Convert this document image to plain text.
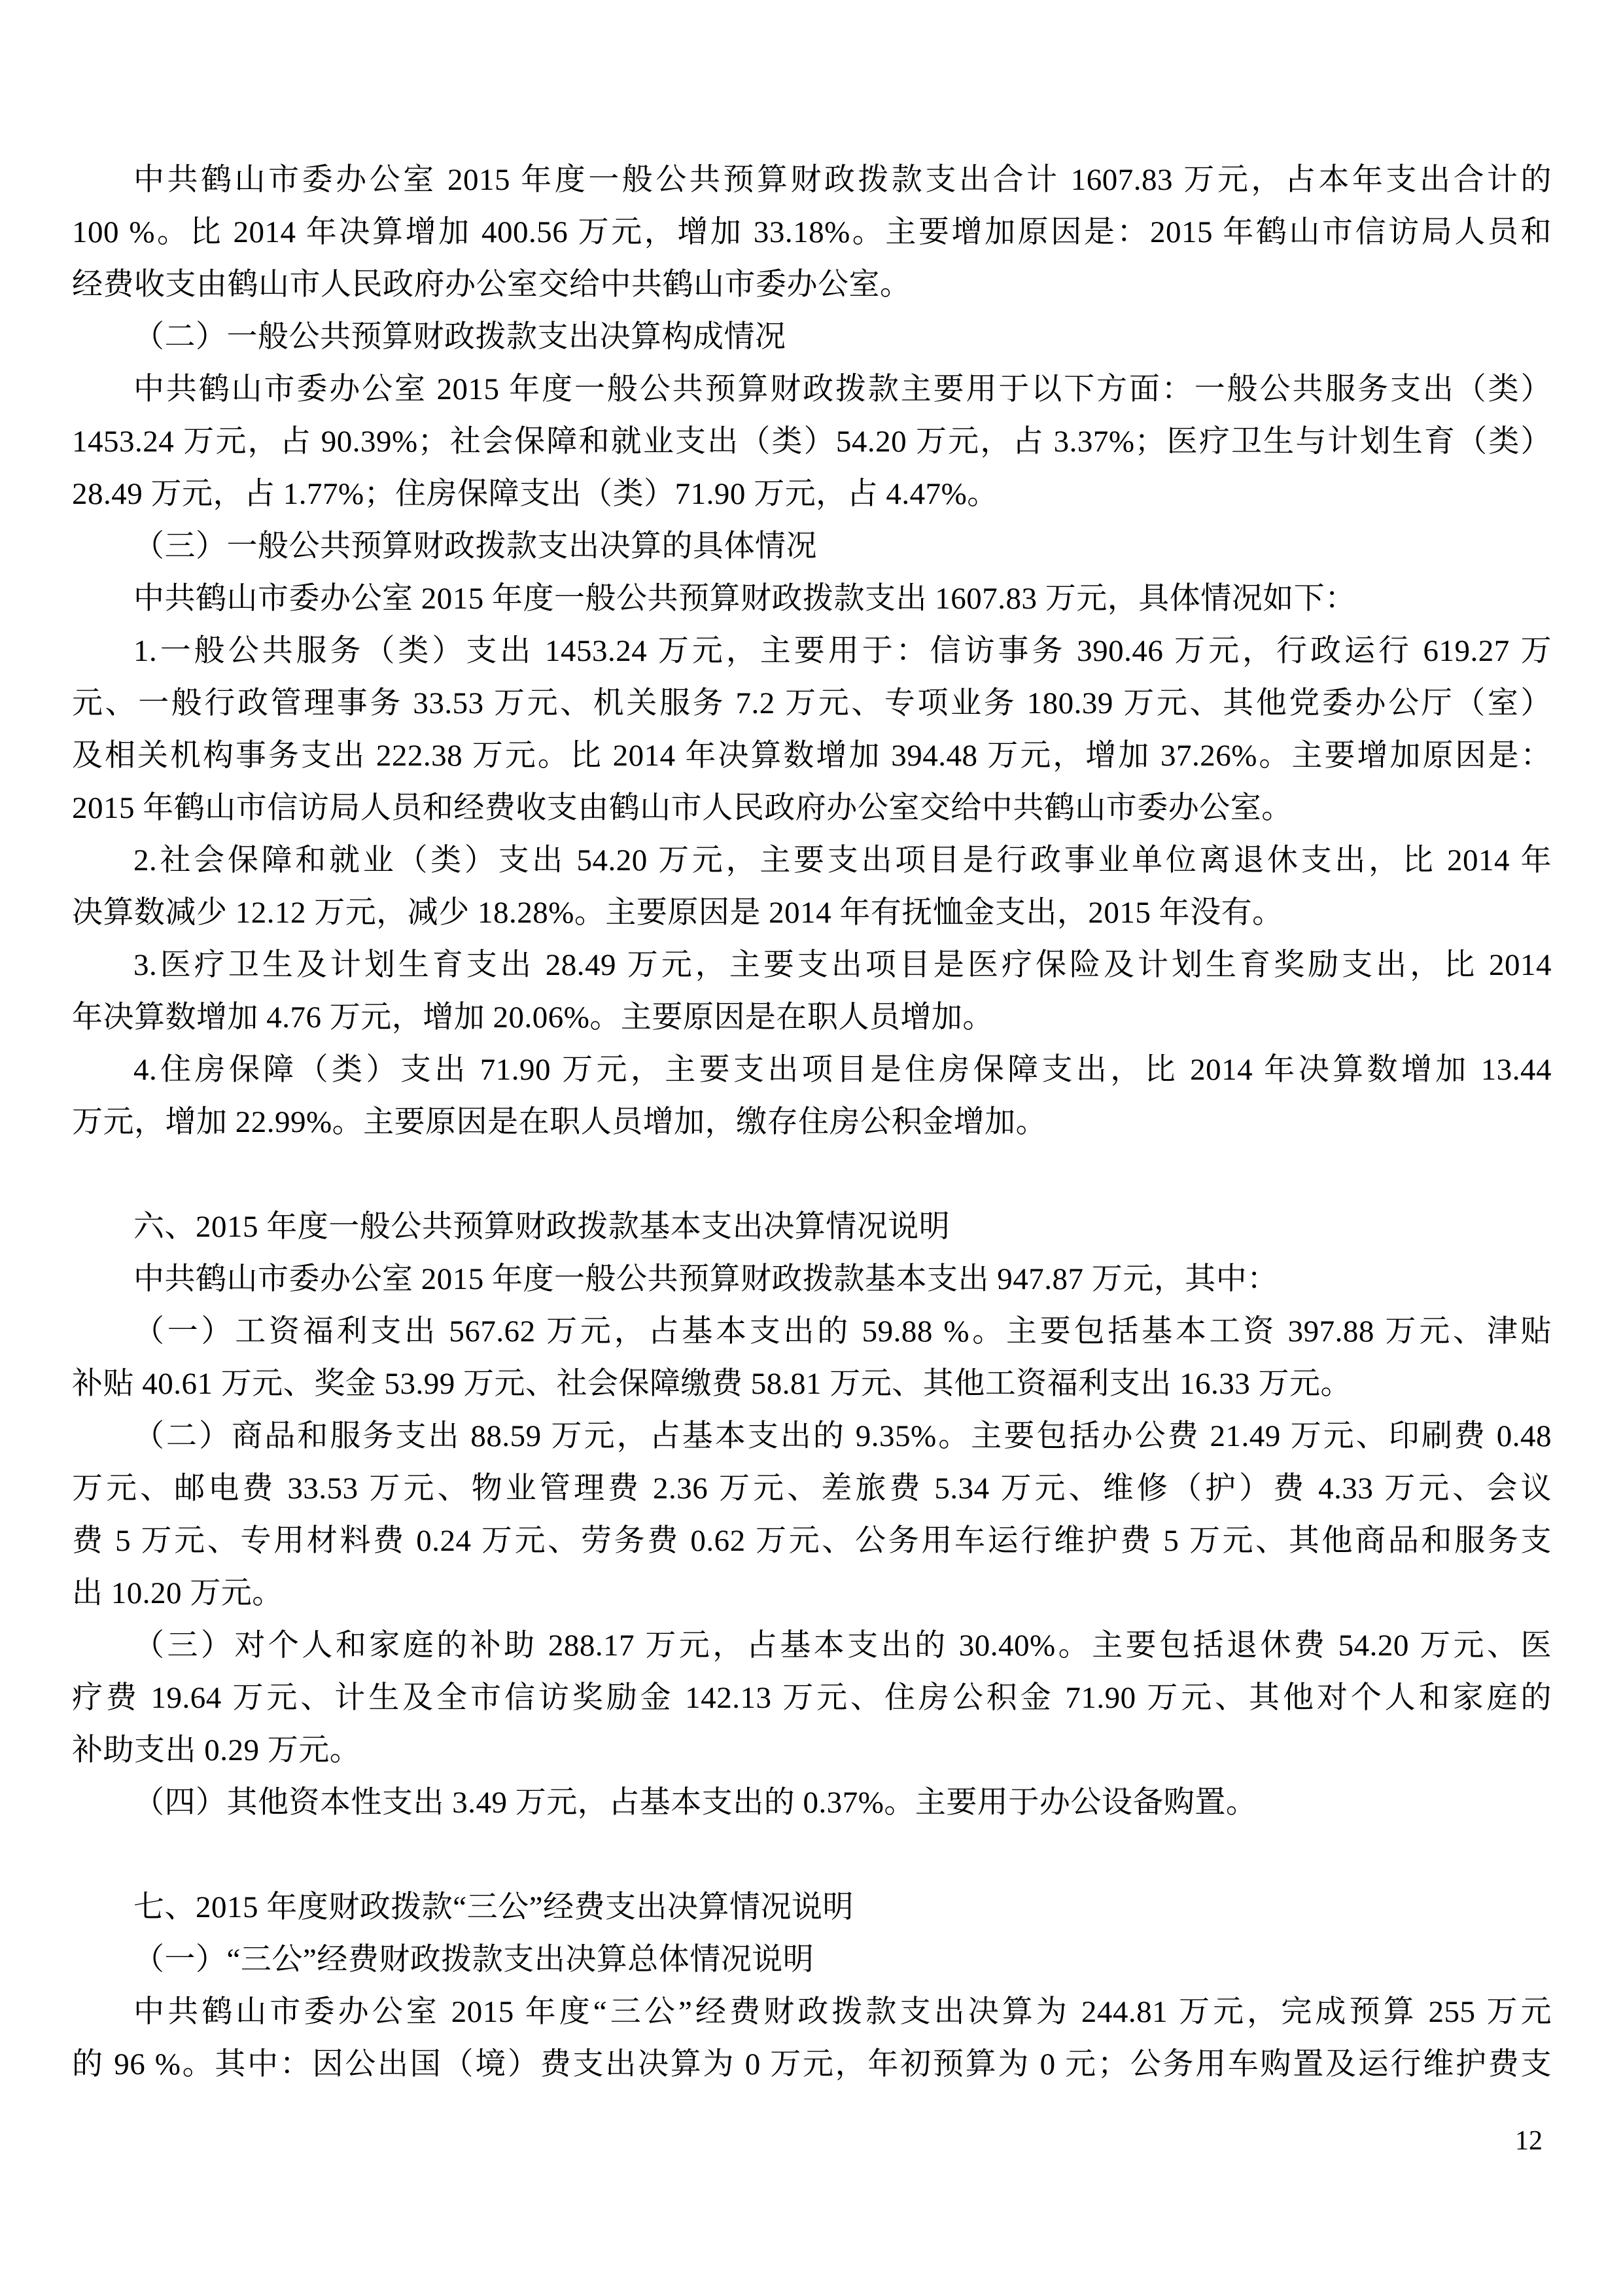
中共鹤山市委办公室 2015 年度一般公共预算财政拨款支出合计 1607.83 万元，占本年支出合计的
100 %。比 2014 年决算增加 400.56 万元，增加 33.18%。主要增加原因是：2015 年鹤山市信访局人员和
经费收支由鹤山市人民政府办公室交给中共鹤山市委办公室。
（二）一般公共预算财政拨款支出决算构成情况
中共鹤山市委办公室 2015 年度一般公共预算财政拨款主要用于以下方面：一般公共服务支出（类）
1453.24 万元，占 90.39%；社会保障和就业支出（类）54.20 万元，占 3.37%；医疗卫生与计划生育（类）
28.49 万元，占 1.77%；住房保障支出（类）71.90 万元，占 4.47%。
（三）一般公共预算财政拨款支出决算的具体情况
中共鹤山市委办公室 2015 年度一般公共预算财政拨款支出 1607.83 万元，具体情况如下：
1.一般公共服务（类）支出 1453.24 万元，主要用于：信访事务 390.46 万元，行政运行 619.27 万
元、一般行政管理事务 33.53 万元、机关服务 7.2 万元、专项业务 180.39 万元、其他党委办公厅（室）
及相关机构事务支出 222.38 万元。比 2014 年决算数增加 394.48 万元，增加 37.26%。主要增加原因是：
2015 年鹤山市信访局人员和经费收支由鹤山市人民政府办公室交给中共鹤山市委办公室。
2.社会保障和就业（类）支出 54.20 万元，主要支出项目是行政事业单位离退休支出，比 2014 年
决算数减少 12.12 万元，减少 18.28%。主要原因是 2014 年有抚恤金支出，2015 年没有。
3.医疗卫生及计划生育支出 28.49 万元，主要支出项目是医疗保险及计划生育奖励支出，比 2014
年决算数增加 4.76 万元，增加 20.06%。主要原因是在职人员增加。
4.住房保障（类）支出 71.90 万元，主要支出项目是住房保障支出，比 2014 年决算数增加 13.44
万元，增加 22.99%。主要原因是在职人员增加，缴存住房公积金增加。
六、2015 年度一般公共预算财政拨款基本支出决算情况说明
中共鹤山市委办公室 2015 年度一般公共预算财政拨款基本支出 947.87 万元，其中：
（一）工资福利支出 567.62 万元，占基本支出的 59.88 %。主要包括基本工资 397.88 万元、津贴
补贴 40.61 万元、奖金 53.99 万元、社会保障缴费 58.81 万元、其他工资福利支出 16.33 万元。
（二）商品和服务支出 88.59 万元，占基本支出的 9.35%。主要包括办公费 21.49 万元、印刷费 0.48
万元、邮电费 33.53 万元、物业管理费 2.36 万元、差旅费 5.34 万元、维修（护）费 4.33 万元、会议
费 5 万元、专用材料费 0.24 万元、劳务费 0.62 万元、公务用车运行维护费 5 万元、其他商品和服务支
出 10.20 万元。
（三）对个人和家庭的补助 288.17 万元，占基本支出的 30.40%。主要包括退休费 54.20 万元、医
疗费 19.64 万元、计生及全市信访奖励金 142.13 万元、住房公积金 71.90 万元、其他对个人和家庭的
补助支出 0.29 万元。
（四）其他资本性支出 3.49 万元，占基本支出的 0.37%。主要用于办公设备购置。
七、2015 年度财政拨款“三公”经费支出决算情况说明
（一）“三公”经费财政拨款支出决算总体情况说明
中共鹤山市委办公室 2015 年度“三公”经费财政拨款支出决算为 244.81 万元，完成预算 255 万元
的 96 %。其中：因公出国（境）费支出决算为 0 万元，年初预算为 0 元；公务用车购置及运行维护费支
12
